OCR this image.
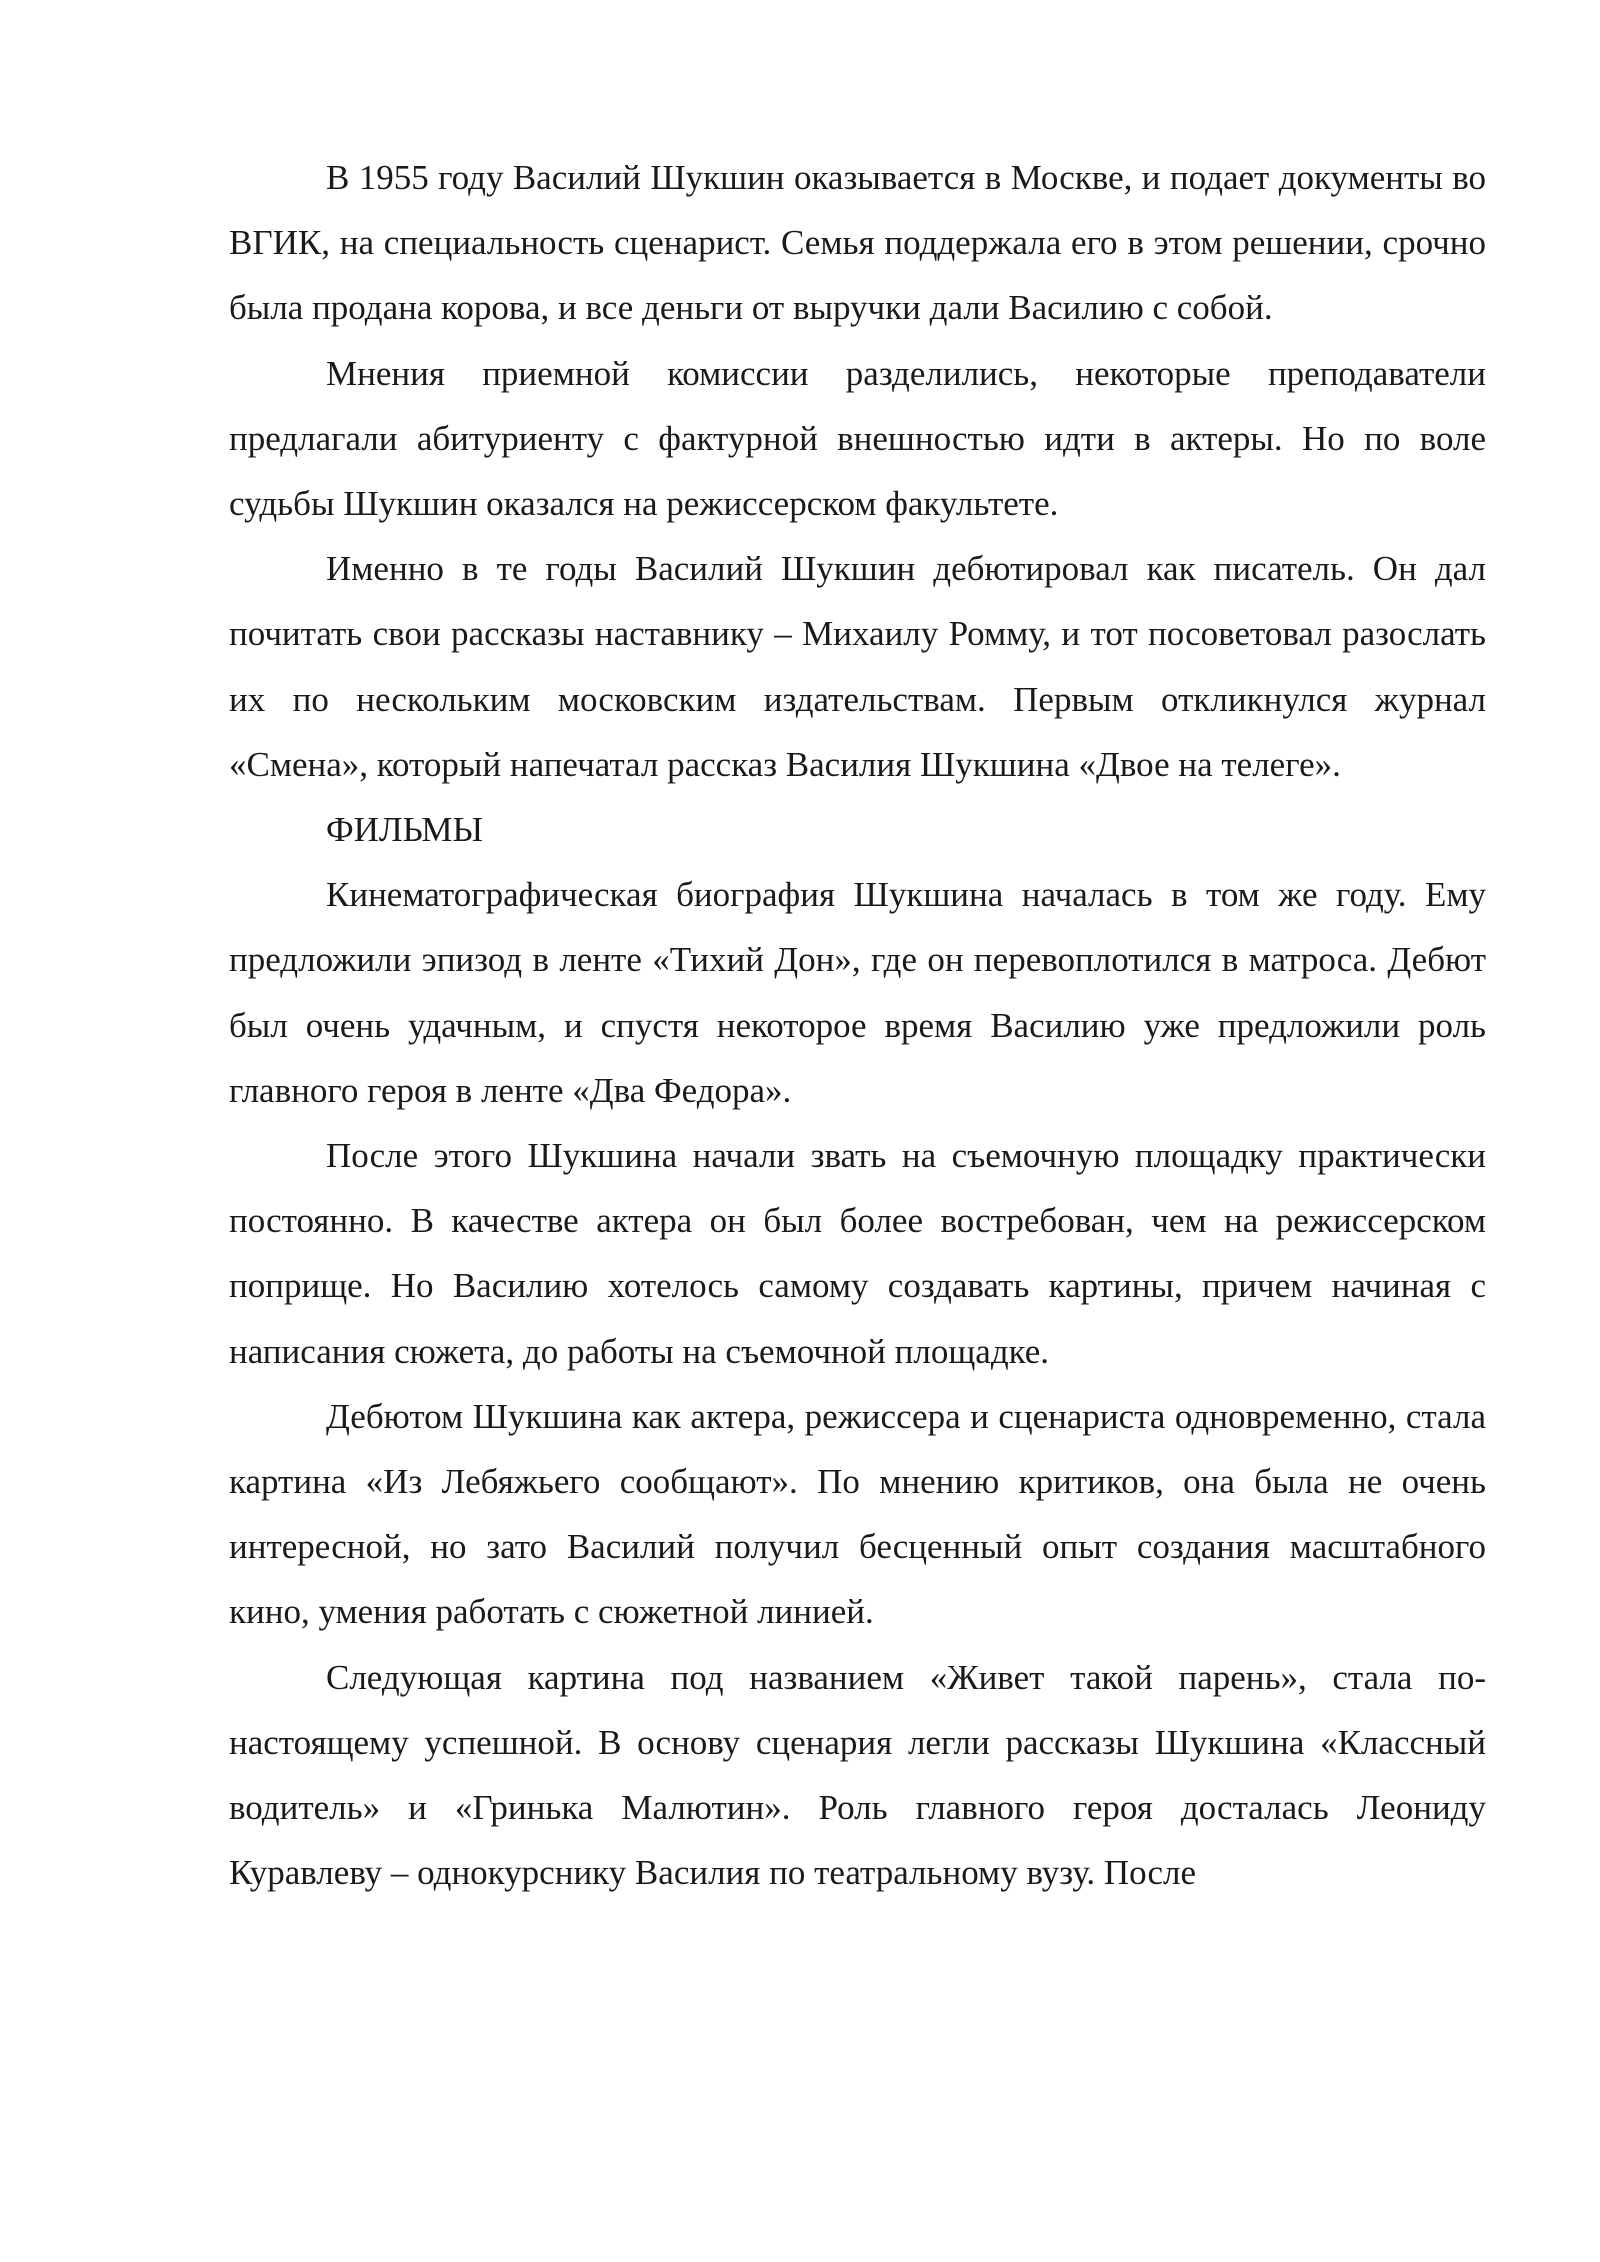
В 1955 году Василий Шукшин оказывается в Москве, и подает документы во ВГИК, на специальность сценарист. Семья поддержала его в этом решении, срочно была продана корова, и все деньги от выручки дали Василию с собой.

Мнения приемной комиссии разделились, некоторые преподаватели предлагали абитуриенту с фактурной внешностью идти в актеры. Но по воле судьбы Шукшин оказался на режиссерском факультете.

Именно в те годы Василий Шукшин дебютировал как писатель. Он дал почитать свои рассказы наставнику – Михаилу Ромму, и тот посоветовал разослать их по нескольким московским издательствам. Первым откликнулся журнал «Смена», который напечатал рассказ Василия Шукшина «Двое на телеге».

ФИЛЬМЫ

Кинематографическая биография Шукшина началась в том же году. Ему предложили эпизод в ленте «Тихий Дон», где он перевоплотился в матроса. Дебют был очень удачным, и спустя некоторое время Василию уже предложили роль главного героя в ленте «Два Федора».

После этого Шукшина начали звать на съемочную площадку практически постоянно. В качестве актера он был более востребован, чем на режиссерском поприще. Но Василию хотелось самому создавать картины, причем начиная с написания сюжета, до работы на съемочной площадке.

Дебютом Шукшина как актера, режиссера и сценариста одновременно, стала картина «Из Лебяжьего сообщают». По мнению критиков, она была не очень интересной, но зато Василий получил бесценный опыт создания масштабного кино, умения работать с сюжетной линией.

Следующая картина под названием «Живет такой парень», стала по-настоящему успешной. В основу сценария легли рассказы Шукшина «Классный водитель» и «Гринька Малютин». Роль главного героя досталась Леониду Куравлеву – однокурснику Василия по театральному вузу. После
